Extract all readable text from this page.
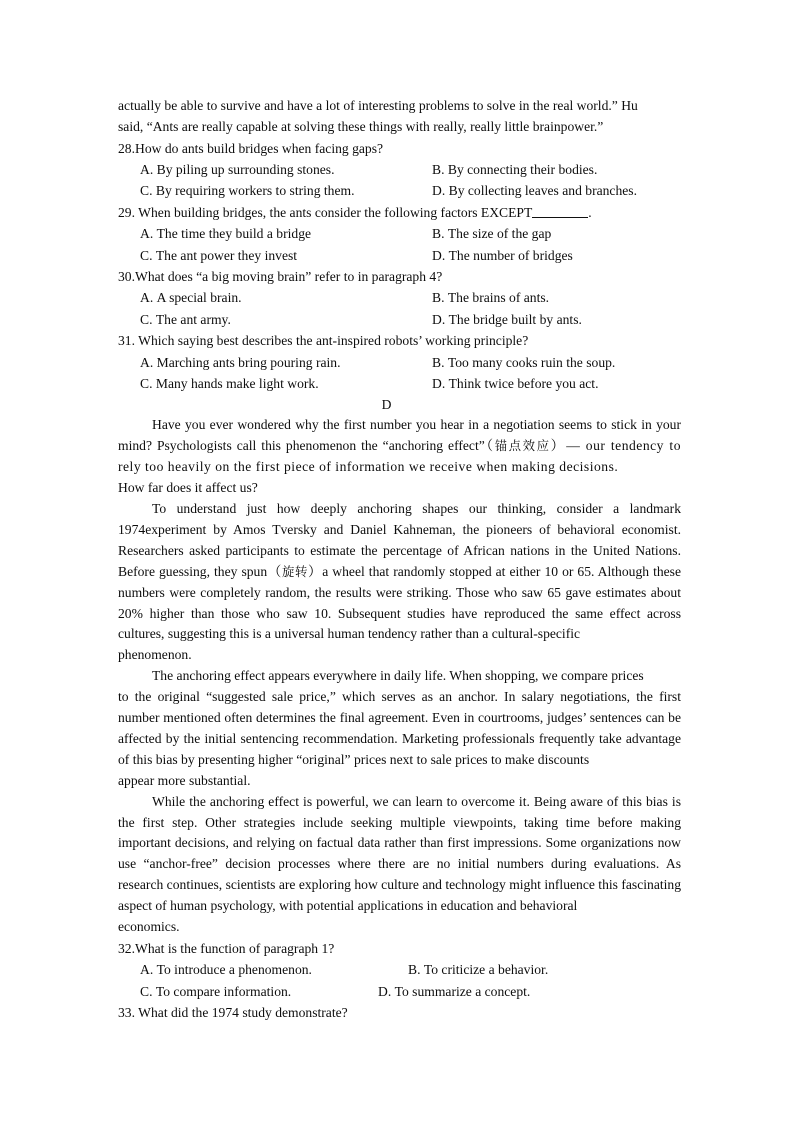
actually be able to survive and have a lot of interesting problems to solve in the real world.” Hu
said, “Ants are really capable at solving these things with really, really little brainpower.”
28.How do ants build bridges when facing gaps?
A. By piling up surrounding stones.	B. By connecting their bodies.
C. By requiring workers to string them.	D. By collecting leaves and branches.
29. When building bridges, the ants consider the following factors EXCEPT	.
A. The time they build a bridge	B. The size of the gap
C. The ant power they invest	D. The number of bridges
30.What does “a big moving brain” refer to in paragraph 4?
A. A special brain.	B. The brains of ants.
C. The ant army.	D. The bridge built by ants.
31. Which saying best describes the ant-inspired robots’ working principle?
A. Marching ants bring pouring rain.	B. Too many cooks ruin the soup.
C. Many hands make light work.	D. Think twice before you act.
D

Have you ever wondered why the first number you hear in a negotiation seems to stick in your mind? Psychologists call this phenomenon the “anchoring effect”（锚点效应）— our tendency to rely too heavily on the first piece of information we receive when making decisions.

How far does it affect us?

To understand just how deeply anchoring shapes our thinking, consider a landmark 1974experiment by Amos Tversky and Daniel Kahneman, the pioneers of behavioral economist. Researchers asked participants to estimate the percentage of African nations in the United Nations. Before guessing, they spun（旋转）a wheel that randomly stopped at either 10 or 65. Although these numbers were completely random, the results were striking. Those who saw 65 gave estimates about 20% higher than those who saw 10. Subsequent studies have reproduced the same effect across cultures, suggesting this is a universal human tendency rather than a cultural-specific

phenomenon.

The anchoring effect appears everywhere in daily life. When shopping, we compare prices

to the original “suggested sale price,” which serves as an anchor. In salary negotiations, the first number mentioned often determines the final agreement. Even in courtrooms, judges’ sentences can be affected by the initial sentencing recommendation. Marketing professionals frequently take advantage of this bias by presenting higher “original” prices next to sale prices to make discounts

appear more substantial.

While the anchoring effect is powerful, we can learn to overcome it. Being aware of this bias is the first step. Other strategies include seeking multiple viewpoints, taking time before making important decisions, and relying on factual data rather than first impressions. Some organizations now use “anchor-free” decision processes where there are no initial numbers during evaluations. As research continues, scientists are exploring how culture and technology might influence this fascinating aspect of human psychology, with potential applications in education and behavioral

economics.

32.What is the function of paragraph 1?
A. To introduce a phenomenon.	B. To criticize a behavior.
C. To compare information.	D. To summarize a concept.
33. What did the 1974 study demonstrate?
